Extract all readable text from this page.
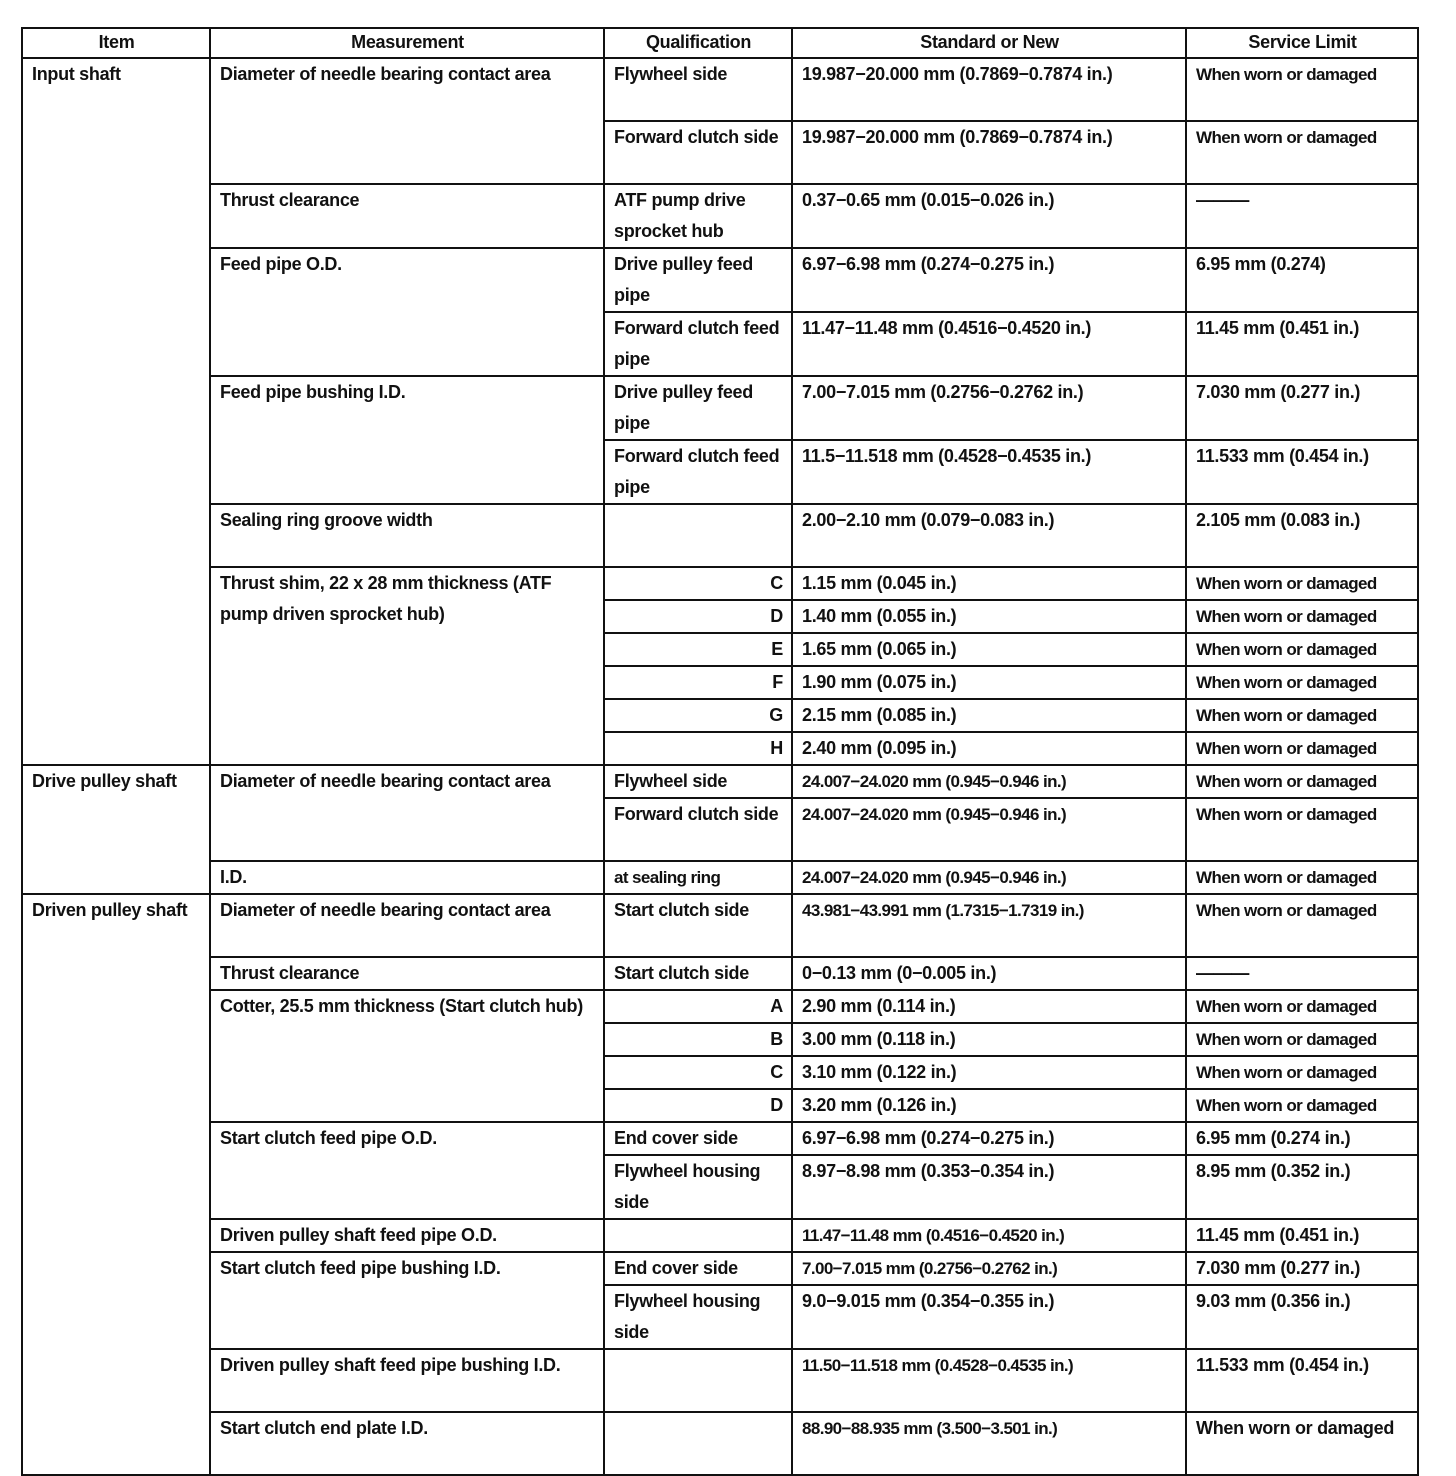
Item	Measurement	Qualification	Standard or New	Service Limit
Input shaft	Diameter of needle bearing contact area	Flywheel side	19.987−20.000 mm (0.7869−0.7874 in.)	When worn or damaged
		Forward clutch side	19.987−20.000 mm (0.7869−0.7874 in.)	When worn or damaged
	Thrust clearance	ATF pump drive sprocket hub	0.37−0.65 mm (0.015−0.026 in.)	———
	Feed pipe O.D.	Drive pulley feed pipe	6.97−6.98 mm (0.274−0.275 in.)	6.95 mm (0.274)
		Forward clutch feed pipe	11.47−11.48 mm (0.4516−0.4520 in.)	11.45 mm (0.451 in.)
	Feed pipe bushing I.D.	Drive pulley feed pipe	7.00−7.015 mm (0.2756−0.2762 in.)	7.030 mm (0.277 in.)
		Forward clutch feed pipe	11.5−11.518 mm (0.4528−0.4535 in.)	11.533 mm (0.454 in.)
	Sealing ring groove width		2.00−2.10 mm (0.079−0.083 in.)	2.105 mm (0.083 in.)
	Thrust shim, 22 x 28 mm thickness (ATF pump driven sprocket hub)	C	1.15 mm (0.045 in.)	When worn or damaged
		D	1.40 mm (0.055 in.)	When worn or damaged
		E	1.65 mm (0.065 in.)	When worn or damaged
		F	1.90 mm (0.075 in.)	When worn or damaged
		G	2.15 mm (0.085 in.)	When worn or damaged
		H	2.40 mm (0.095 in.)	When worn or damaged
Drive pulley shaft	Diameter of needle bearing contact area	Flywheel side	24.007−24.020 mm (0.945−0.946 in.)	When worn or damaged
		Forward clutch side	24.007−24.020 mm (0.945−0.946 in.)	When worn or damaged
	I.D.	at sealing ring	24.007−24.020 mm (0.945−0.946 in.)	When worn or damaged
Driven pulley shaft	Diameter of needle bearing contact area	Start clutch side	43.981−43.991 mm (1.7315−1.7319 in.)	When worn or damaged
	Thrust clearance	Start clutch side	0−0.13 mm (0−0.005 in.)	———
	Cotter, 25.5 mm thickness (Start clutch hub)	A	2.90 mm (0.114 in.)	When worn or damaged
		B	3.00 mm (0.118 in.)	When worn or damaged
		C	3.10 mm (0.122 in.)	When worn or damaged
		D	3.20 mm (0.126 in.)	When worn or damaged
	Start clutch feed pipe O.D.	End cover side	6.97−6.98 mm (0.274−0.275 in.)	6.95 mm (0.274 in.)
		Flywheel housing side	8.97−8.98 mm (0.353−0.354 in.)	8.95 mm (0.352 in.)
	Driven pulley shaft feed pipe O.D.		11.47−11.48 mm (0.4516−0.4520 in.)	11.45 mm (0.451 in.)
	Start clutch feed pipe bushing I.D.	End cover side	7.00−7.015 mm (0.2756−0.2762 in.)	7.030 mm (0.277 in.)
		Flywheel housing side	9.0−9.015 mm (0.354−0.355 in.)	9.03 mm (0.356 in.)
	Driven pulley shaft feed pipe bushing I.D.		11.50−11.518 mm (0.4528−0.4535 in.)	11.533 mm (0.454 in.)
	Start clutch end plate I.D.		88.90−88.935 mm (3.500−3.501 in.)	When worn or damaged
